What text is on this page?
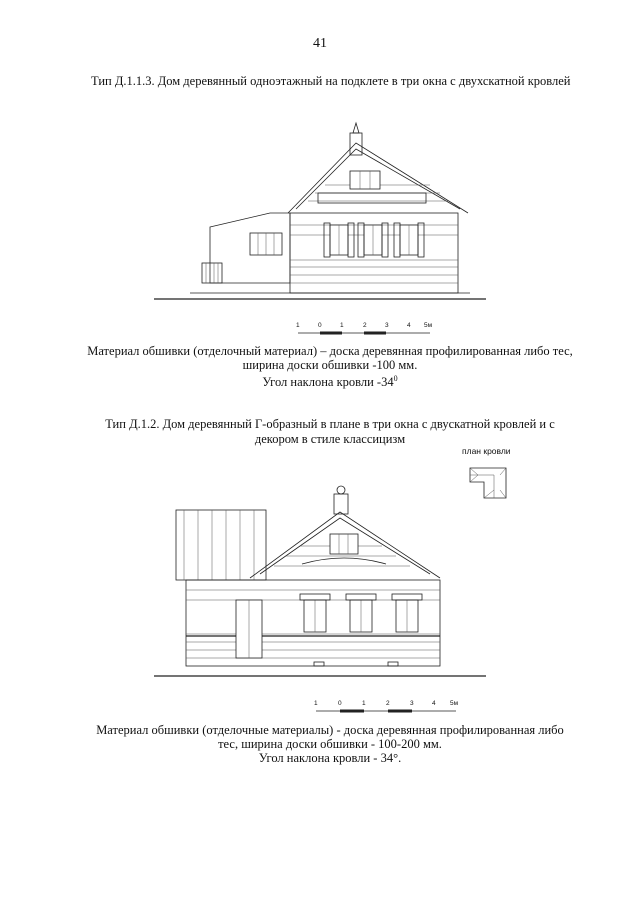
41
Тип Д.1.1.3. Дом деревянный одноэтажный на подклете в три окна с двухскатной кровлей
1	0	1	2	3	4 5м
Материал обшивки (отделочный материал) – доска деревянная профилированная либо тес,
ширина доски обшивки -100 мм.
Угол наклона кровли $-34^0$
Тип Д.1.2. Дом деревянный Г-образный в плане в три окна с двускатной кровлей и с
декором в стиле классицизм
план кровли
1	0	1	2	3	4 5м
Материал обшивки (отделочные материалы) - доска деревянная профилированная либо
тес, ширина доски обшивки - 100-200 мм.
Угол наклона кровли - 34°.
